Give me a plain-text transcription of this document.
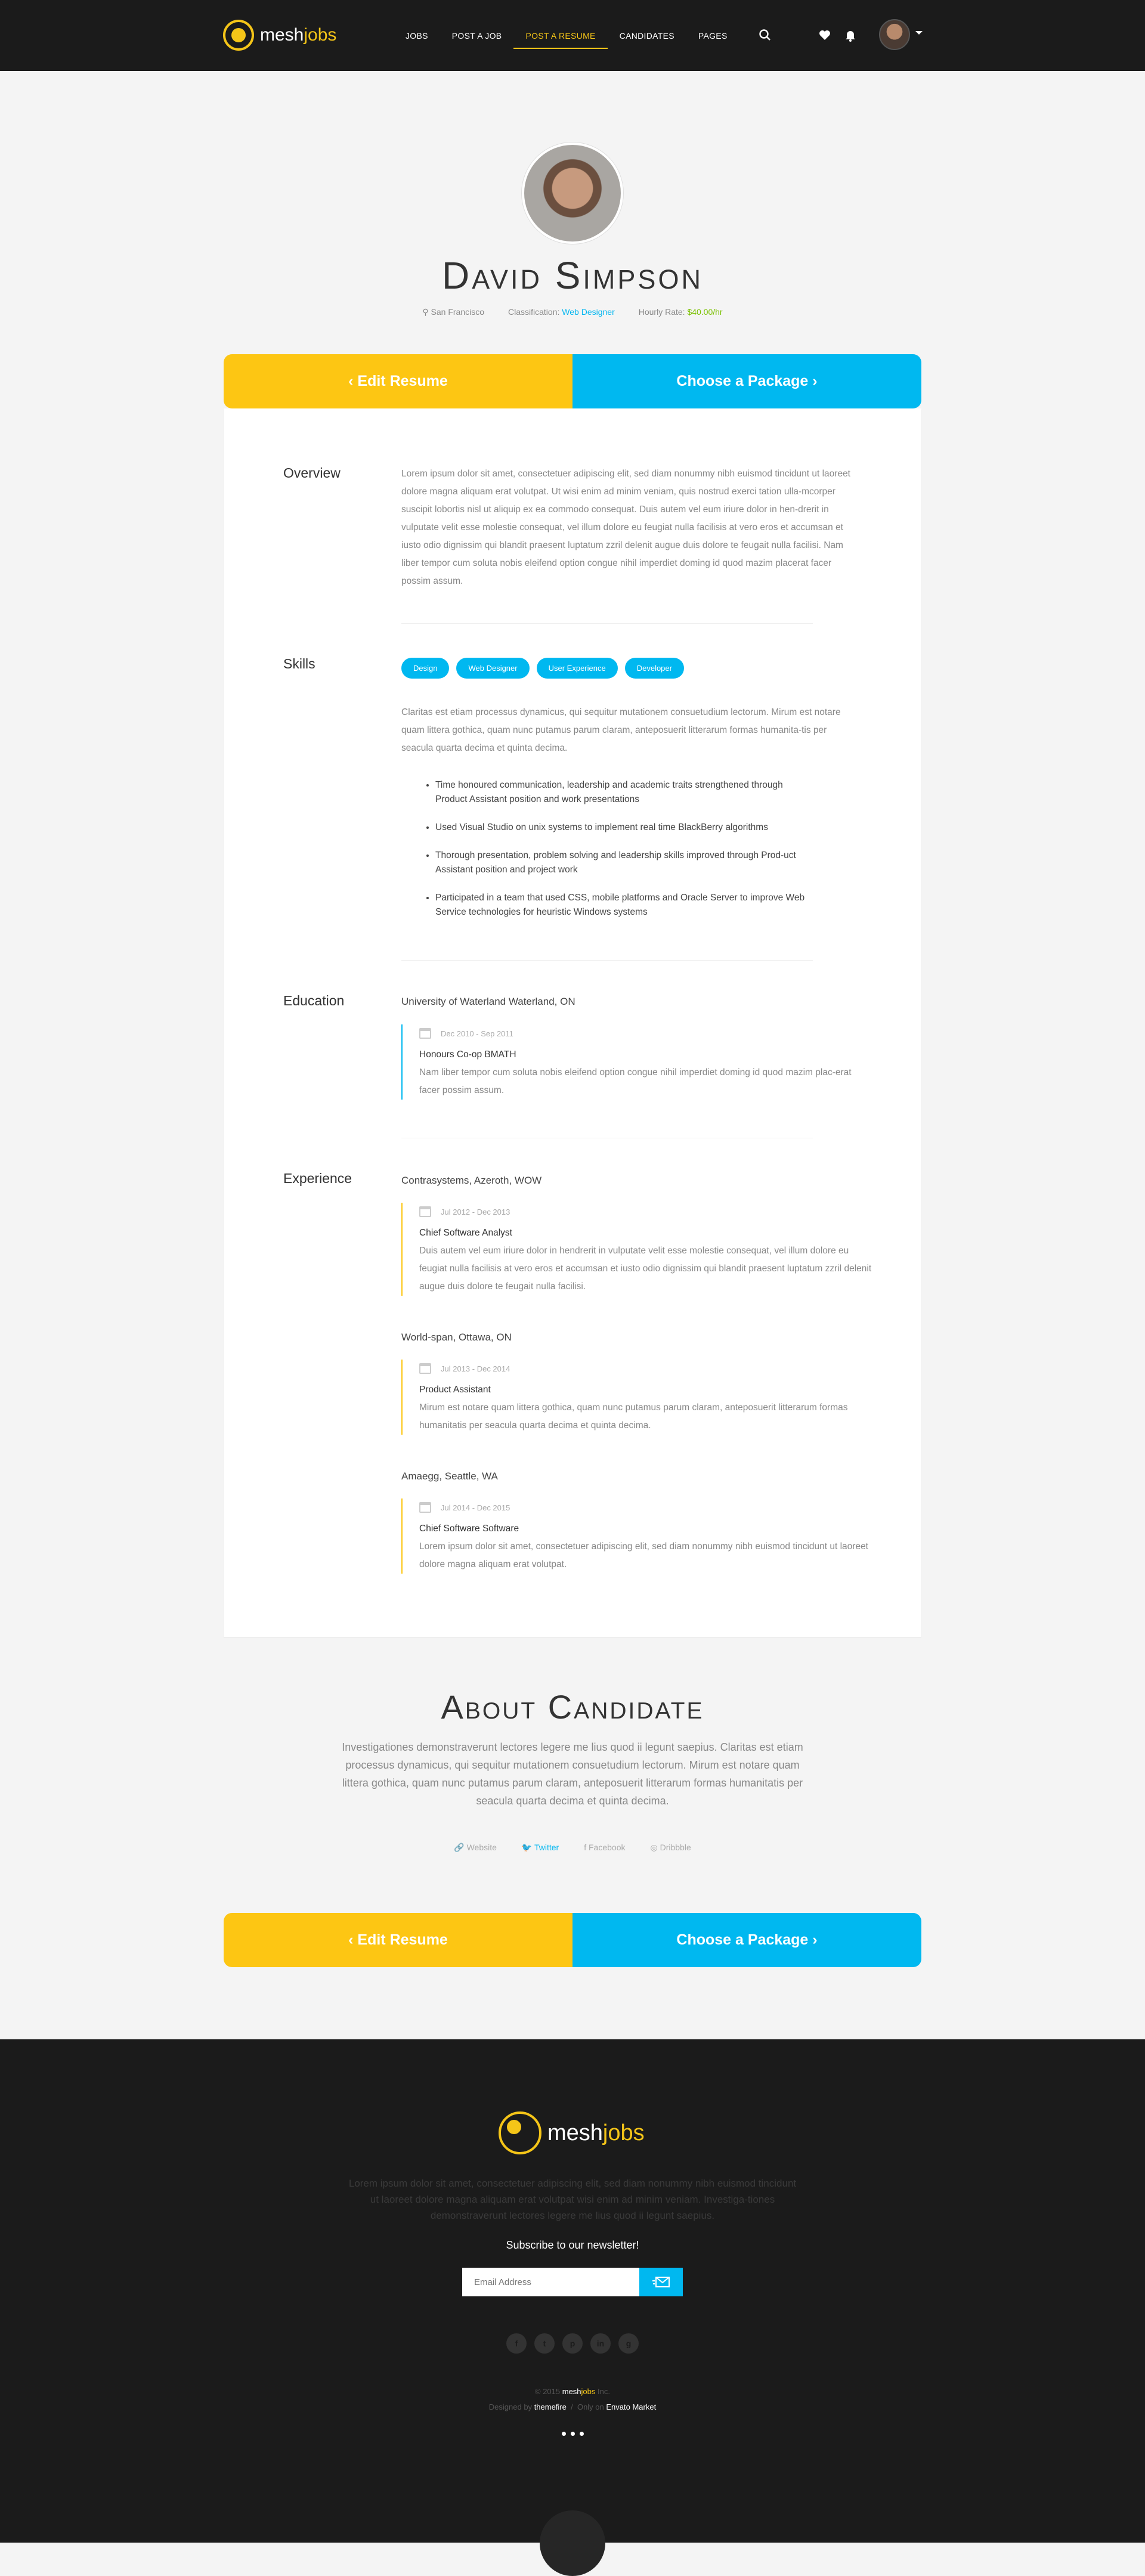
meshjobs	JOBS	POST A JOB	POST A RESUME	CANDIDATES	PAGES
David Simpson
⚲ San Francisco	Classification: Web Designer	Hourly Rate: $40.00/hr
‹ Edit Resume	Choose a Package ›
Overview	Lorem ipsum dolor sit amet, consectetuer adipiscing elit, sed diam nonummy nibh euismod tincidunt ut laoreet dolore magna aliquam erat volutpat. Ut wisi enim ad minim veniam, quis nostrud exerci tation ulla-mcorper suscipit lobortis nisl ut aliquip ex ea commodo consequat. Duis autem vel eum iriure dolor in hen-drerit in vulputate velit esse molestie consequat, vel illum dolore eu feugiat nulla facilisis at vero eros et accumsan et iusto odio dignissim qui blandit praesent luptatum zzril delenit augue duis dolore te feugait nulla facilisi. Nam liber tempor cum soluta nobis eleifend option congue nihil imperdiet doming id quod mazim placerat facer possim assum.
Skills	Design	Web Designer	User Experience	Developer
Claritas est etiam processus dynamicus, qui sequitur mutationem consuetudium lectorum. Mirum est notare quam littera gothica, quam nunc putamus parum claram, anteposuerit litterarum formas humanita-tis per seacula quarta decima et quinta decima.
• Time honoured communication, leadership and academic traits strengthened through Product Assistant position and work presentations
• Used Visual Studio on unix systems to implement real time BlackBerry algorithms
• Thorough presentation, problem solving and leadership skills improved through Prod-uct Assistant position and project work
• Participated in a team that used CSS, mobile platforms and Oracle Server to improve Web Service technologies for heuristic Windows systems
Education	University of Waterland Waterland, ON
Dec 2010 - Sep 2011
Honours Co-op BMATH
Nam liber tempor cum soluta nobis eleifend option congue nihil imperdiet doming id quod mazim plac-erat facer possim assum.
Experience	Contrasystems, Azeroth, WOW
Jul 2012 - Dec 2013
Chief Software Analyst
Duis autem vel eum iriure dolor in hendrerit in vulputate velit esse molestie consequat, vel illum dolore eu feugiat nulla facilisis at vero eros et accumsan et iusto odio dignissim qui blandit praesent luptatum zzril delenit augue duis dolore te feugait nulla facilisi.
World-span, Ottawa, ON
Jul 2013 - Dec 2014
Product Assistant
Mirum est notare quam littera gothica, quam nunc putamus parum claram, anteposuerit litterarum formas humanitatis per seacula quarta decima et quinta decima.
Amaegg, Seattle, WA
Jul 2014 - Dec 2015
Chief Software Software
Lorem ipsum dolor sit amet, consectetuer adipiscing elit, sed diam nonummy nibh euismod tincidunt ut laoreet dolore magna aliquam erat volutpat.
About Candidate
Investigationes demonstraverunt lectores legere me lius quod ii legunt saepius. Claritas est etiam processus dynamicus, qui sequitur mutationem consuetudium lectorum. Mirum est notare quam littera gothica, quam nunc putamus parum claram, anteposuerit litterarum formas humanitatis per seacula quarta decima et quinta decima.
🔗 Website	🐦 Twitter	f Facebook	◎ Dribbble
‹ Edit Resume	Choose a Package ›
meshjobs
Lorem ipsum dolor sit amet, consectetuer adipiscing elit, sed diam nonummy nibh euismod tincidunt ut laoreet dolore magna aliquam erat volutpat wisi enim ad minim veniam. Investiga-tiones demonstraverunt lectores legere me lius quod ii legunt saepius.
Subscribe to our newsletter!
Email Address
f	t	p	in	g
© 2015 meshjobs Inc.
Designed by themefire  /  Only on Envato Market
